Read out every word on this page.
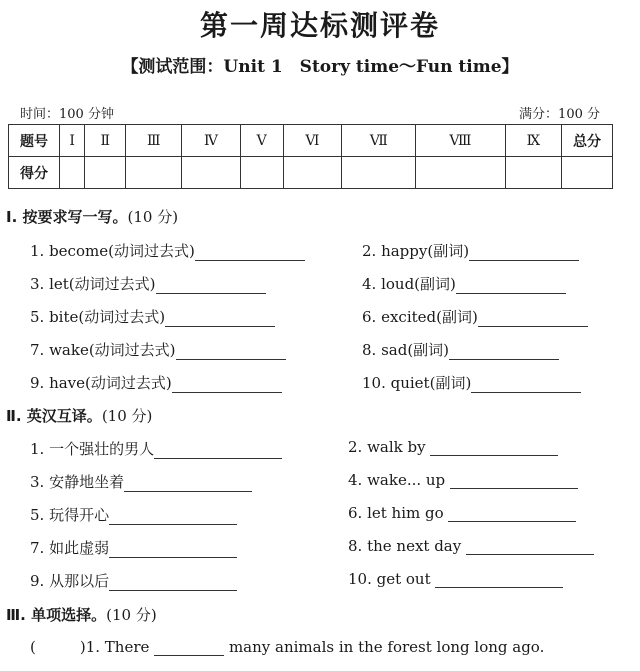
第一周达标测评卷
【测试范围：Unit 1　Story time～Fun time】
时间：100 分钟	满分：100 分
题号	Ⅰ	Ⅱ	Ⅲ	Ⅳ	Ⅴ	Ⅵ	Ⅶ	Ⅷ	Ⅸ	总分
得分										
Ⅰ. 按要求写一写。(10 分)
1. become(动词过去式)	2. happy(副词)
3. let(动词过去式)	4. loud(副词)
5. bite(动词过去式)	6. excited(副词)
7. wake(动词过去式)	8. sad(副词)
9. have(动词过去式)	10. quiet(副词)
Ⅱ. 英汉互译。(10 分)
1. 一个强壮的男人	2. walk by
3. 安静地坐着	4. wake... up
5. 玩得开心	6. let him go
7. 如此虚弱	8. the next day
9. 从那以后	10. get out
Ⅲ. 单项选择。(10 分)
(	)1. There	many animals in the forest long long ago.
